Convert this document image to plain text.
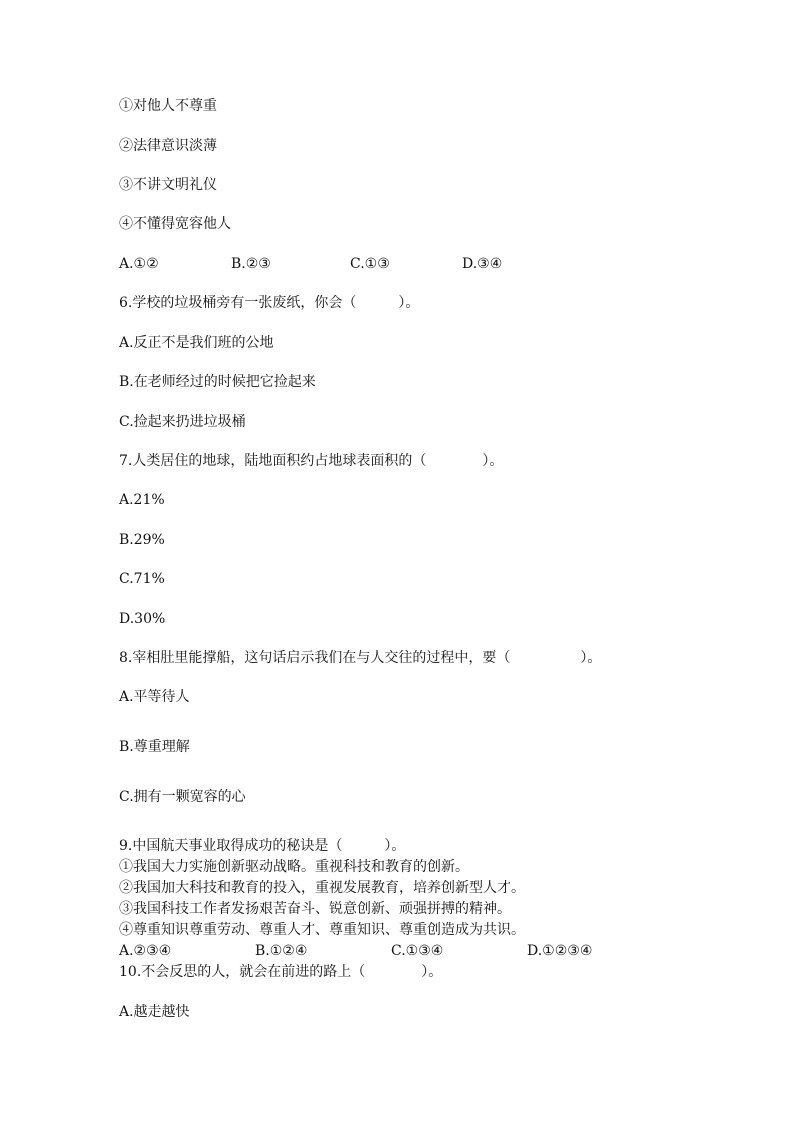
①对他人不尊重
②法律意识淡薄
③不讲文明礼仪
④不懂得宽容他人
A.①②	B.②③	C.①③	D.③④
6.学校的垃圾桶旁有一张废纸，你会（　　　）。
A.反正不是我们班的公地
B.在老师经过的时候把它捡起来
C.捡起来扔进垃圾桶
7.人类居住的地球，陆地面积约占地球表面积的（　　　　）。
A.21%
B.29%
C.71%
D.30%
8.宰相肚里能撑船，这句话启示我们在与人交往的过程中，要（　　　　　）。
A.平等待人
B.尊重理解
C.拥有一颗宽容的心
9.中国航天事业取得成功的秘诀是（　　　）。
①我国大力实施创新驱动战略。重视科技和教育的创新。
②我国加大科技和教育的投入，重视发展教育，培养创新型人才。
③我国科技工作者发扬艰苦奋斗、锐意创新、顽强拼搏的精神。
④尊重知识尊重劳动、尊重人才、尊重知识、尊重创造成为共识。
A.②③④	B.①②④	C.①③④	D.①②③④
10.不会反思的人，就会在前进的路上（　　　　）。
A.越走越快
